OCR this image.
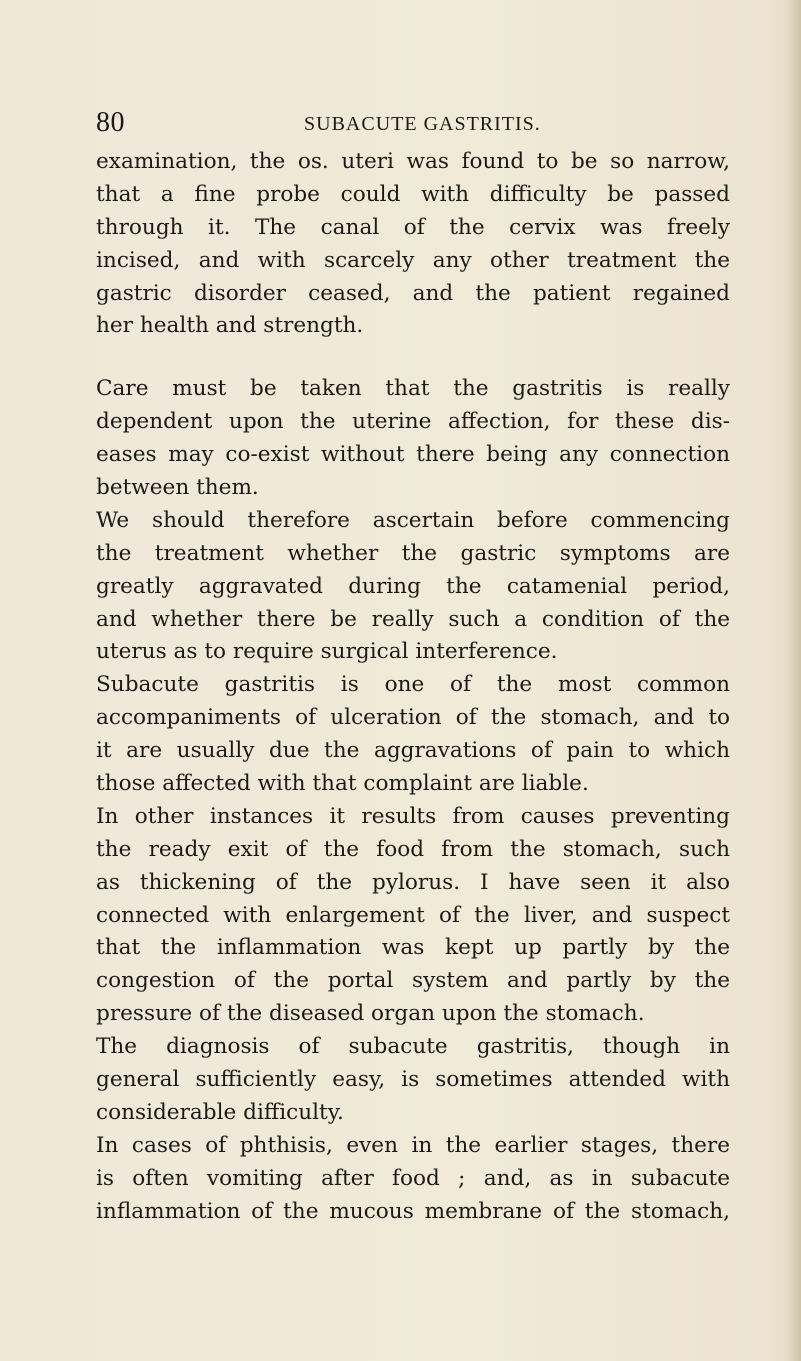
80	SUBACUTE GASTRITIS.
examination, the os. uteri was found to be so narrow,
that a fine probe could with difficulty be passed
through it. The canal of the cervix was freely
incised, and with scarcely any other treatment the
gastric disorder ceased, and the patient regained
her health and strength.
Care must be taken that the gastritis is really
dependent upon the uterine affection, for these dis-
eases may co-exist without there being any connection
between them.
We should therefore ascertain before commencing
the treatment whether the gastric symptoms are
greatly aggravated during the catamenial period,
and whether there be really such a condition of the
uterus as to require surgical interference.
Subacute gastritis is one of the most common
accompaniments of ulceration of the stomach, and to
it are usually due the aggravations of pain to which
those affected with that complaint are liable.
In other instances it results from causes preventing
the ready exit of the food from the stomach, such
as thickening of the pylorus. I have seen it also
connected with enlargement of the liver, and suspect
that the inflammation was kept up partly by the
congestion of the portal system and partly by the
pressure of the diseased organ upon the stomach.
The diagnosis of subacute gastritis, though in
general sufficiently easy, is sometimes attended with
considerable difficulty.
In cases of phthisis, even in the earlier stages, there
is often vomiting after food ; and, as in subacute
inflammation of the mucous membrane of the stomach,
